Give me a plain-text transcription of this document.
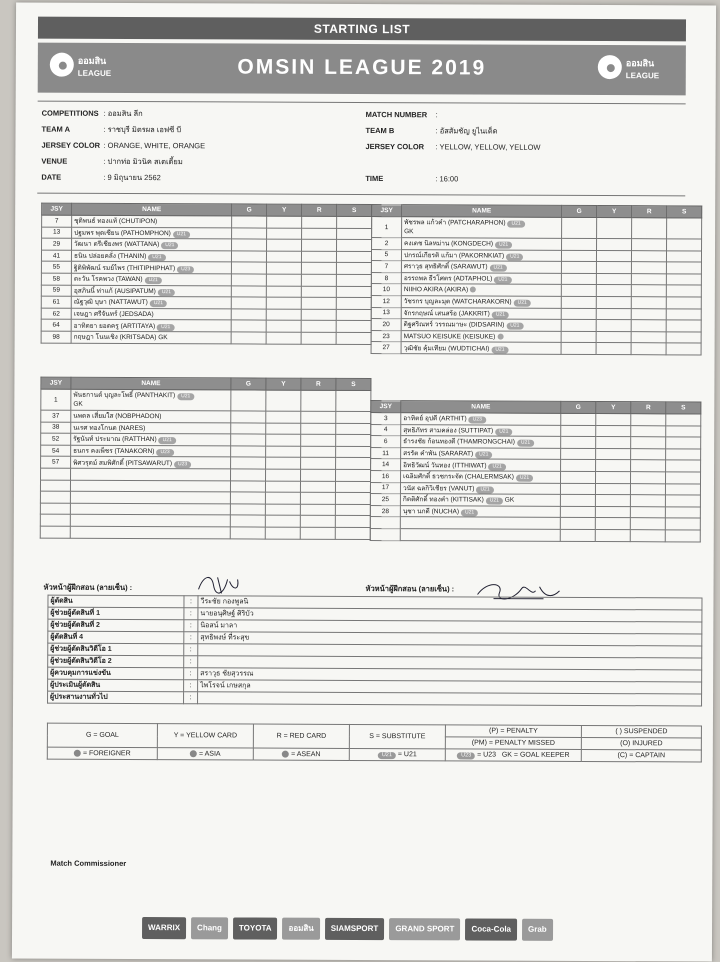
STARTING LIST
ออมสิน
LEAGUE	OMSIN LEAGUE 2019	ออมสิน
LEAGUE
COMPETITIONS : ออมสิน ลีก
TEAM A	: ราชบุรี มิตรผล เอฟซี บี
JERSEY COLOR : ORANGE, WHITE, ORANGE
VENUE	: ปากท่อ มิวนิค สเตเดี้ยม
DATE	: 9 มิถุนายน 2562
MATCH NUMBER :
TEAM B	: อัสสัมชัญ ยูไนเต็ด
JERSEY COLOR : YELLOW, YELLOW, YELLOW
TIME	: 16:00
JSY	NAME	G	Y	R	S
7	ชุติพนธ์ ทองแท้ (CHUTIPON)				
13	ปฐมพร พุดเซียน (PATHOMPHON) U21				
29	วัฒนา ตรีเชียงพร (WATTANA) U21				
41	ธนิน ปล่อยคลั่ง (THANIN) U21				
55	ฐิติพิพัฒน์ รมย์ไพร (THITIPHIPHAT) U23				
58	ตะวัน โรคพวง (TAWAN) U21				
59	อุสภินนิ์ ท่าแก้ (AUSIPATUM) U21				
61	ณัฐวุฒิ บุษา (NATTAWUT) U21				
62	เจษฎา ศรีจันทร์ (JEDSADA)				
64	อาทิตยา ยอดครู (ARTITAYA) U21				
98	กฤษฎา โนนเชิง (KRITSADA) GK				
JSY	NAME	G	Y	R	S
1	พันธกานต์ บุญละโพธิ์ (PANTHAKIT) U21
GK				
37	นพดล เสี่ยมใส (NOBPHADON)				
38	นเรศ ทองโกนด (NARES)				
52	รัฐนันท์ ประมาณ (RATTHAN) U21				
54	ธนกร คงเพ็ชร (TANAKORN) U23				
57	พิศวรุตม์ สมพิศักดิ์ (PITSAWARUT) U23				

JSY	NAME	G	Y	R	S
1	พัชรพล แก้วคำ (PATCHARAPHON) U21
GK				
2	คงเดช นิลหม่าน (KONGDECH) U21				
5	ปกรณ์เกียรติ แก้มา (PAKORNKIAT) U21				
7	ศราวุธ สุทธิศักดิ์ (SARAWUT) U21				
8	อรรถพล ธีรโศตร (ADTAPHOL) U21				
10	NIIHO AKIRA (AKIRA)				
12	วัชรกร บุญละมุด (WATCHARAKORN) U21				
13	จักรกฤษณ์ เสนสร้อ (JAKKRIT) U21				
20	ดิฐศริณทร์ วรรณมาษะ (DIDSARIN) U21				
23	MATSUO KEISUKE (KEISUKE)				
27	วุฒิชัย คุ้มเทียม (WUDTICHAI) U21				
JSY	NAME	G	Y	R	S
3	อาทิตย์ อุปดี (ARTHIT) U23				
4	สุทธิภัทร สามคล่อง (SUTTIPAT) U21				
6	ธำรงชัย ก้อนทองดี (THAMRONGCHAI) U21				
11	สรรัต คำพัน (SARARAT) U21				
14	อิทธิวัฒน์ วันทอง (ITTHIWAT) U21				
16	เฉลิมศักดิ์ ธวชกระจัด (CHALERMSAK) U21				
17	วนัส ฉลกิวิเชียร (VANUT) U21				
25	กิตติศักดิ์ ทองคำ (KITTISAK) U21 GK				
28	นุชา นกดี (NUCHA) U21				

หัวหน้าผู้ฝึกสอน (ลายเซ็น) :	หัวหน้าผู้ฝึกสอน (ลายเซ็น) :
ผู้ตัดสิน	:	วีระชัย กองพูลนิ
ผู้ช่วยผู้ตัดสินที่ 1	:	นายอนุศิษฐ์ ศิริบัว
ผู้ช่วยผู้ตัดสินที่ 2	:	นิอสน์ มาลา
ผู้ตัดสินที่ 4	:	สุทธิพงษ์ ที่ระสุข
ผู้ช่วยผู้ตัดสินวิดีโอ 1	:	
ผู้ช่วยผู้ตัดสินวิดีโอ 2	:	
ผู้ควบคุมการแข่งขัน	:	สราวุธ ชัยสุวรรณ
ผู้ประเมินผู้ตัดสิน	:	ไพโรจน์ เกษสกุล
ผู้ประสานงานทั่วไป	:	
G = GOAL	Y = YELLOW CARD	R = RED CARD	S = SUBSTITUTE	(P) = PENALTY	( ) SUSPENDED
				(PM) = PENALTY MISSED	(O) INJURED
= FOREIGNER	= ASIA	= ASEAN	U21 = U21	U23 = U23 GK = GOAL KEEPER	(C) = CAPTAIN
Match Commissioner
WARRIX	Chang	TOYOTA	ออมสิน	SIAMSPORT	GRAND SPORT	Coca-Cola	Grab
